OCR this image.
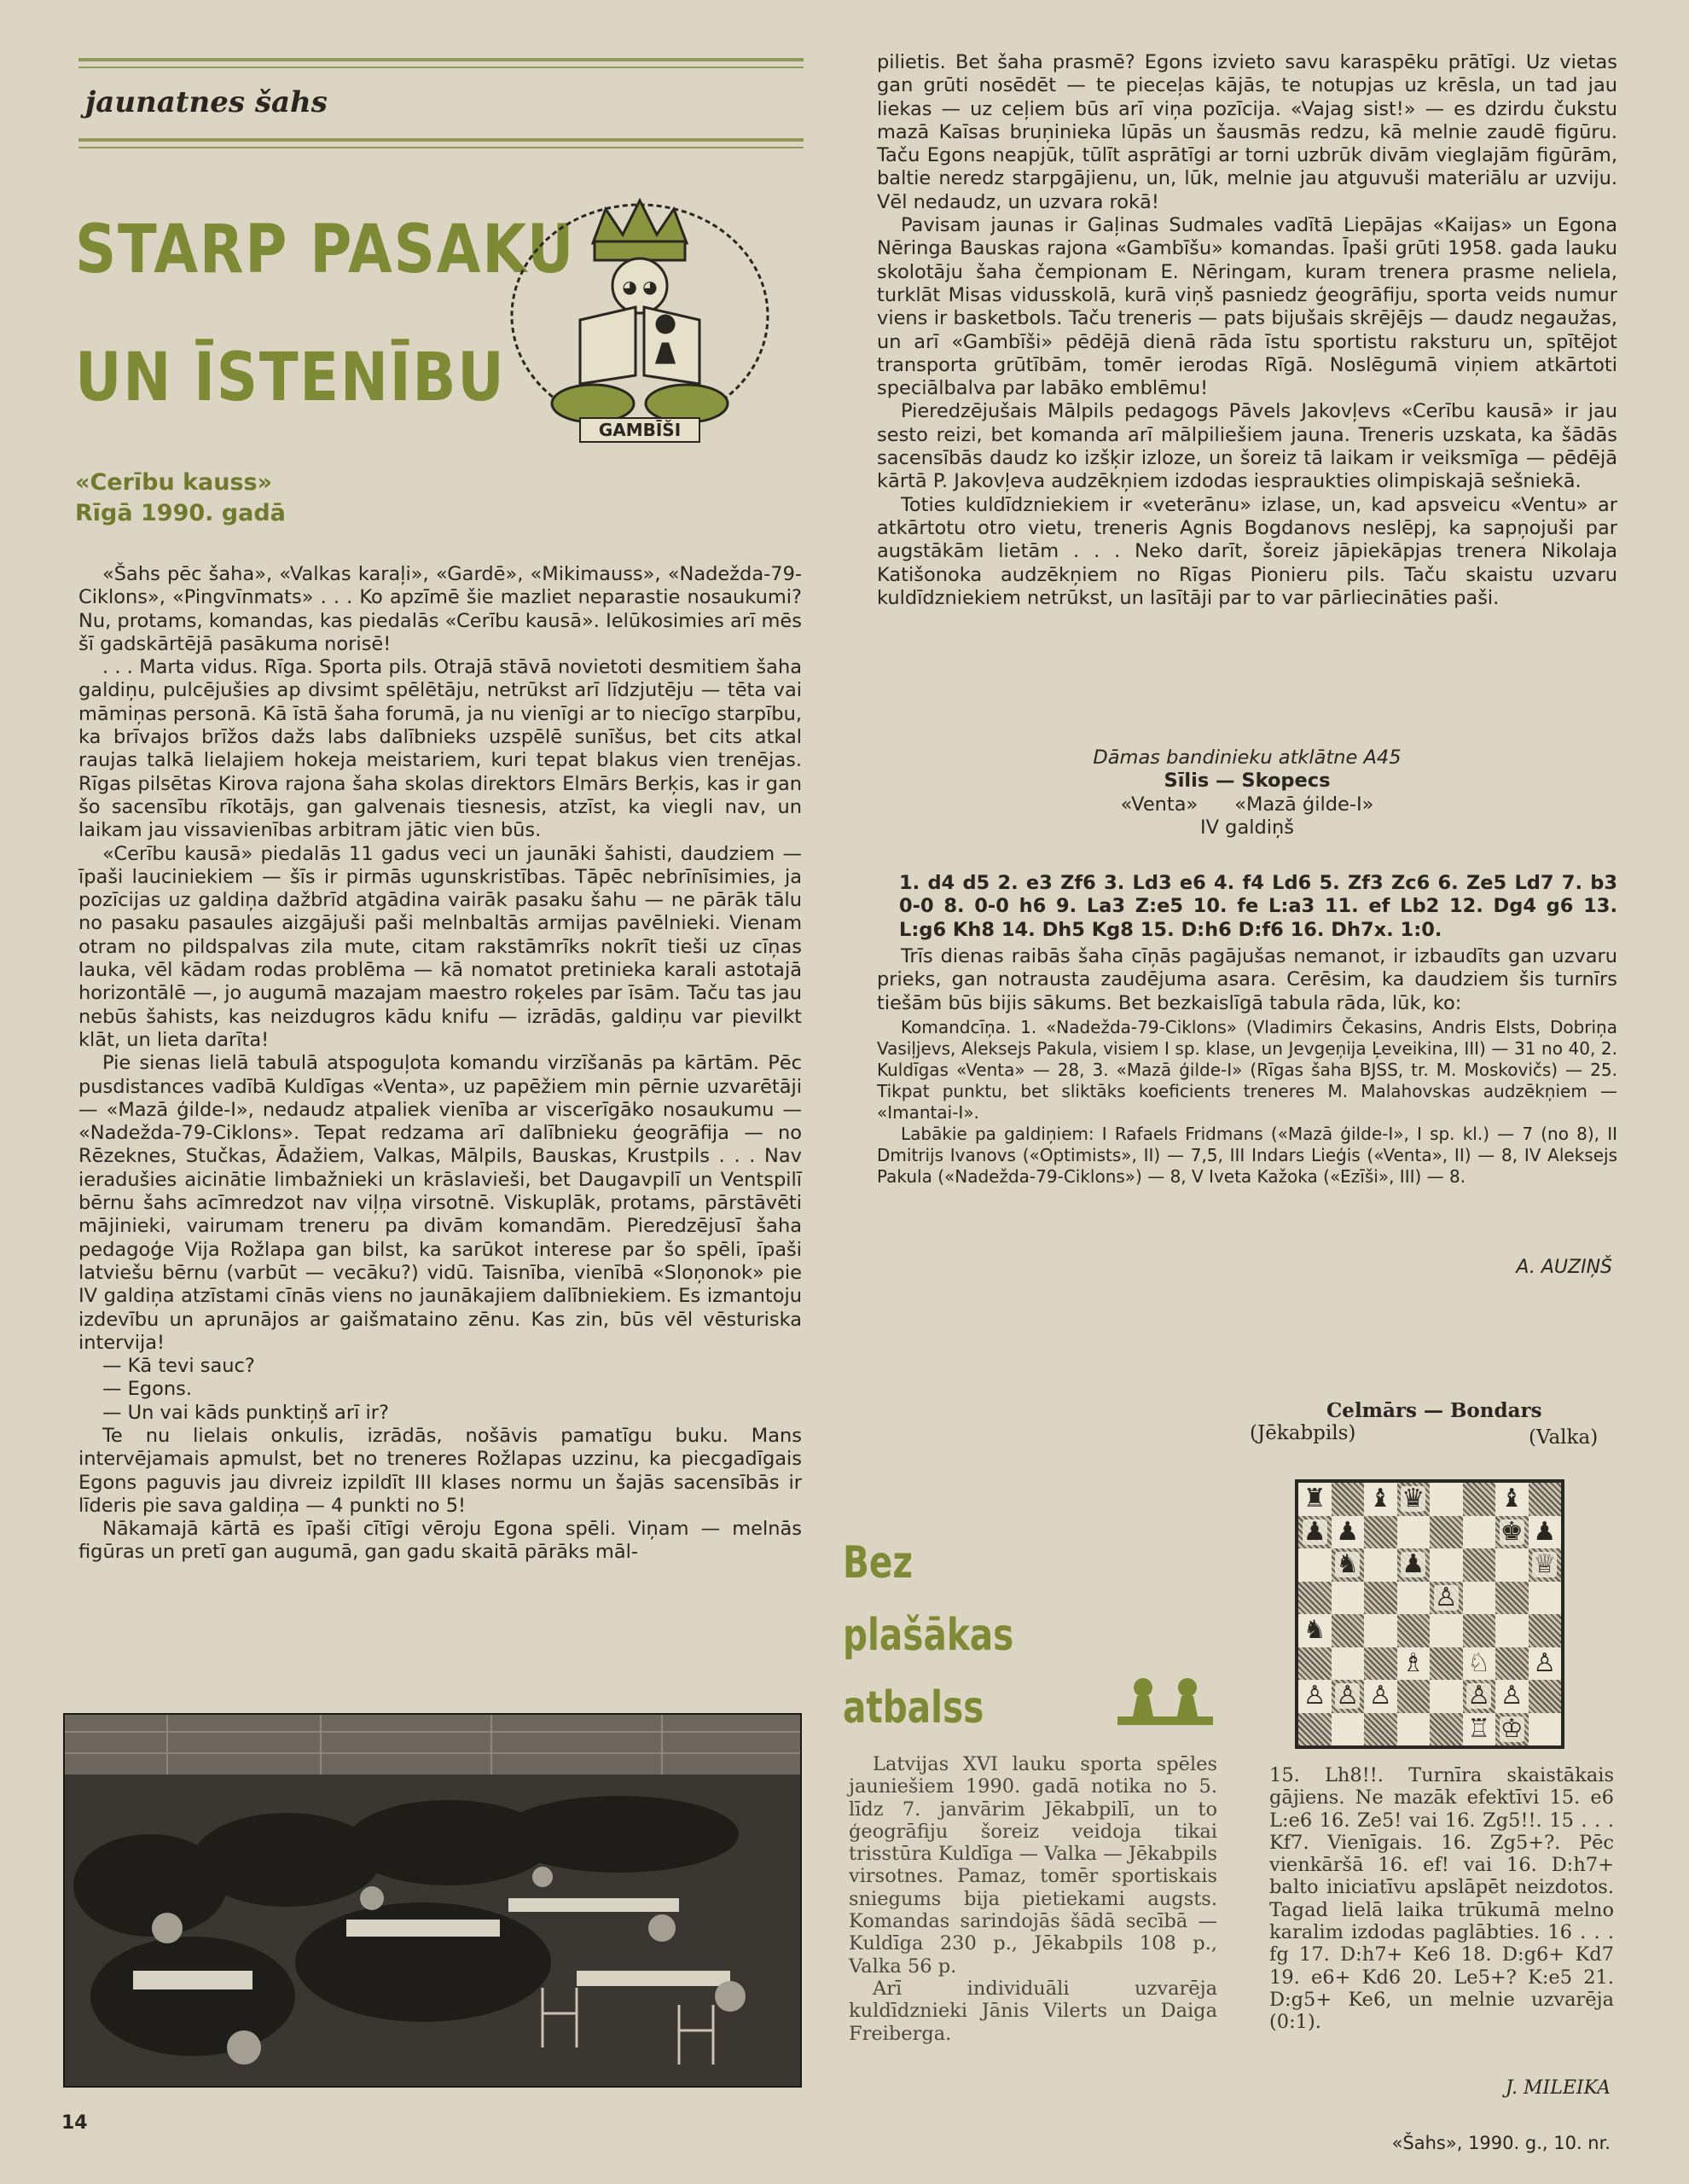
jaunatnes šahs
STARP PASAKU
UN ĪSTENĪBU
◕ ◕
GAMBĪŠI
«Cerību kauss»
Rīgā 1990. gadā

«Šahs pēc šaha», «Valkas karaļi», «Gardē», «Mikimauss», «Nadežda-79-Ciklons», «Pingvīnmats» . . . Ko apzīmē šie mazliet neparastie nosaukumi? Nu, protams, komandas, kas piedalās «Cerību kausā». Ielūkosimies arī mēs šī gadskārtējā pasākuma norisē!

. . . Marta vidus. Rīga. Sporta pils. Otrajā stāvā novietoti desmitiem šaha galdiņu, pulcējušies ap divsimt spēlētāju, netrūkst arī līdzjutēju — tēta vai māmiņas personā. Kā īstā šaha forumā, ja nu vienīgi ar to niecīgo starpību, ka brīvajos brīžos dažs labs dalībnieks uzspēlē sunīšus, bet cits atkal raujas talkā lielajiem hokeja meistariem, kuri tepat blakus vien trenējas. Rīgas pilsētas Kirova rajona šaha skolas direktors Elmārs Berķis, kas ir gan šo sacensību rīkotājs, gan galvenais tiesnesis, atzīst, ka viegli nav, un laikam jau vissavienības arbitram jātic vien būs.

«Cerību kausā» piedalās 11 gadus veci un jaunāki šahisti, daudziem — īpaši lauciniekiem — šīs ir pirmās ugunskristības. Tāpēc nebrīnīsimies, ja pozīcijas uz galdiņa dažbrīd atgādina vairāk pasaku šahu — ne pārāk tālu no pasaku pasaules aizgājuši paši melnbaltās armijas pavēlnieki. Vienam otram no pildspalvas zila mute, citam rakstāmrīks nokrīt tieši uz cīņas lauka, vēl kādam rodas problēma — kā nomatot pretinieka karali astotajā horizontālē —, jo augumā mazajam maestro roķeles par īsām. Taču tas jau nebūs šahists, kas neizdugros kādu knifu — izrādās, galdiņu var pievilkt klāt, un lieta darīta!

Pie sienas lielā tabulā atspoguļota komandu virzīšanās pa kārtām. Pēc pusdistances vadībā Kuldīgas «Venta», uz papēžiem min pērnie uzvarētāji — «Mazā ģilde-I», nedaudz atpaliek vienība ar viscerīgāko nosaukumu — «Nadežda-79-Ciklons». Tepat redzama arī dalībnieku ģeogrāfija — no Rēzeknes, Stučkas, Ādažiem, Valkas, Mālpils, Bauskas, Krustpils . . . Nav ieradušies aicinātie limbažnieki un krāslavieši, bet Daugavpilī un Ventspilī bērnu šahs acīmredzot nav viļņa virsotnē. Viskuplāk, protams, pārstāvēti mājinieki, vairumam treneru pa divām komandām. Pieredzējusī šaha pedagoģe Vija Rožlapa gan bilst, ka sarūkot interese par šo spēli, īpaši latviešu bērnu (varbūt — vecāku?) vidū. Taisnība, vienībā «Sloņonok» pie IV galdiņa atzīstami cīnās viens no jaunākajiem dalībniekiem. Es izmantoju izdevību un aprunājos ar gaišmataino zēnu. Kas zin, būs vēl vēsturiska intervija!

— Kā tevi sauc?

— Egons.

— Un vai kāds punktiņš arī ir?

Te nu lielais onkulis, izrādās, nošāvis pamatīgu buku. Mans intervējamais apmulst, bet no treneres Rožlapas uzzinu, ka piecgadīgais Egons paguvis jau divreiz izpildīt III klases normu un šajās sacensībās ir līderis pie sava galdiņa — 4 punkti no 5!

Nākamajā kārtā es īpaši cītīgi vēroju Egona spēli. Viņam — melnās figūras un pretī gan augumā, gan gadu skaitā pārāks māl-

pilietis. Bet šaha prasmē? Egons izvieto savu karaspēku prātīgi. Uz vietas gan grūti nosēdēt — te pieceļas kājās, te notupjas uz krēsla, un tad jau liekas — uz ceļiem būs arī viņa pozīcija. «Vajag sist!» — es dzirdu čukstu mazā Kaīsas bruņinieka lūpās un šausmās redzu, kā melnie zaudē figūru. Taču Egons neapjūk, tūlīt asprātīgi ar torni uzbrūk divām vieglajām figūrām, baltie neredz starpgājienu, un, lūk, melnie jau atguvuši materiālu ar uzviju. Vēl nedaudz, un uzvara rokā!

Pavisam jaunas ir Gaļinas Sudmales vadītā Liepājas «Kaijas» un Egona Nēringa Bauskas rajona «Gambīšu» komandas. Īpaši grūti 1958. gada lauku skolotāju šaha čempionam E. Nēringam, kuram trenera prasme neliela, turklāt Misas vidusskolā, kurā viņš pasniedz ģeogrāfiju, sporta veids numur viens ir basketbols. Taču treneris — pats bijušais skrējējs — daudz negaužas, un arī «Gambīši» pēdējā dienā rāda īstu sportistu raksturu un, spītējot transporta grūtībām, tomēr ierodas Rīgā. Noslēgumā viņiem atkārtoti speciālbalva par labāko emblēmu!

Pieredzējušais Mālpils pedagogs Pāvels Jakovļevs «Cerību kausā» ir jau sesto reizi, bet komanda arī mālpiliešiem jauna. Treneris uzskata, ka šādās sacensībās daudz ko izšķir izloze, un šoreiz tā laikam ir veiksmīga — pēdējā kārtā P. Jakovļeva audzēkņiem izdodas iespraukties olimpiskajā sešniekā.

Toties kuldīdzniekiem ir «veterānu» izlase, un, kad apsveicu «Ventu» ar atkārtotu otro vietu, treneris Agnis Bogdanovs neslēpj, ka sapņojuši par augstākām lietām . . . Neko darīt, šoreiz jāpiekāpjas trenera Nikolaja Katišonoka audzēkņiem no Rīgas Pionieru pils. Taču skaistu uzvaru kuldīdzniekiem netrūkst, un lasītāji par to var pārliecināties paši.

Dāmas bandinieku atklātne A45
Sīlis — Skopecs
«Venta»      «Mazā ģilde-I»
IV galdiņš
1. d4 d5 2. e3 Zf6 3. Ld3 e6 4. f4 Ld6 5. Zf3 Zc6 6. Ze5 Ld7 7. b3 0-0 8. 0-0 h6 9. La3 Z:e5 10. fe L:a3 11. ef Lb2 12. Dg4 g6 13. L:g6 Kh8 14. Dh5 Kg8 15. D:h6 D:f6 16. Dh7x. 1:0.

Trīs dienas raibās šaha cīņās pagājušas nemanot, ir izbaudīts gan uzvaru prieks, gan notrausta zaudējuma asara. Cerēsim, ka daudziem šis turnīrs tiešām būs bijis sākums. Bet bezkaislīgā tabula rāda, lūk, ko:

Komandcīņa. 1. «Nadežda-79-Ciklons» (Vladimirs Čekasins, Andris Elsts, Dobriņa Vasiļjevs, Aleksejs Pakula, visiem I sp. klase, un Jevgeņija Ļeveikina, III) — 31 no 40, 2. Kuldīgas «Venta» — 28, 3. «Mazā ģilde-I» (Rīgas šaha BJSS, tr. M. Moskovičs) — 25. Tikpat punktu, bet sliktāks koeficients treneres M. Malahovskas audzēkņiem — «Imantai-I».

Labākie pa galdiņiem: I Rafaels Fridmans («Mazā ģilde-I», I sp. kl.) — 7 (no 8), II Dmitrijs Ivanovs («Optimists», II) — 7,5, III Indars Lieģis («Venta», II) — 8, IV Aleksejs Pakula («Nadežda-79-Ciklons») — 8, V Iveta Kažoka («Ezīši», III) — 8.

A. AUZIŅŠ
Celmārs — Bondars
(Jēkabpils)	(Valka)
♜ ♝ ♛	♝
♟ ♟	♚ ♟
♞ ♟	♕
♙
♞
♗ ♘ ♙
♙ ♙ ♙	♙ ♙
♖ ♔
Bez
plašākas
atbalss

Latvijas XVI lauku sporta spēles jauniešiem 1990. gadā notika no 5. līdz 7. janvārim Jēkabpilī, un to ģeogrāfiju šoreiz veidoja tikai trisstūra Kuldīga — Valka — Jēkabpils virsotnes. Pamaz, tomēr sportiskais sniegums bija pietiekami augsts. Komandas sarindojās šādā secībā — Kuldīga 230 p., Jēkabpils 108 p., Valka 56 p.

Arī individuāli uzvarēja kuldīdznieki Jānis Vilerts un Daiga Freiberga.

15. Lh8!!. Turnīra skaistākais gājiens. Ne mazāk efektīvi 15. e6 L:e6 16. Ze5! vai 16. Zg5!!. 15 . . . Kf7. Vienīgais. 16. Zg5+?. Pēc vienkāršā 16. ef! vai 16. D:h7+ balto iniciatīvu apslāpēt neizdotos. Tagad lielā laika trūkumā melno karalim izdodas paglābties. 16 . . . fg 17. D:h7+ Ke6 18. D:g6+ Kd7 19. e6+ Kd6 20. Le5+? K:e5 21. D:g5+ Ke6, un melnie uzvarēja (0:1).
J. MILEIKA
14
«Šahs», 1990. g., 10. nr.
